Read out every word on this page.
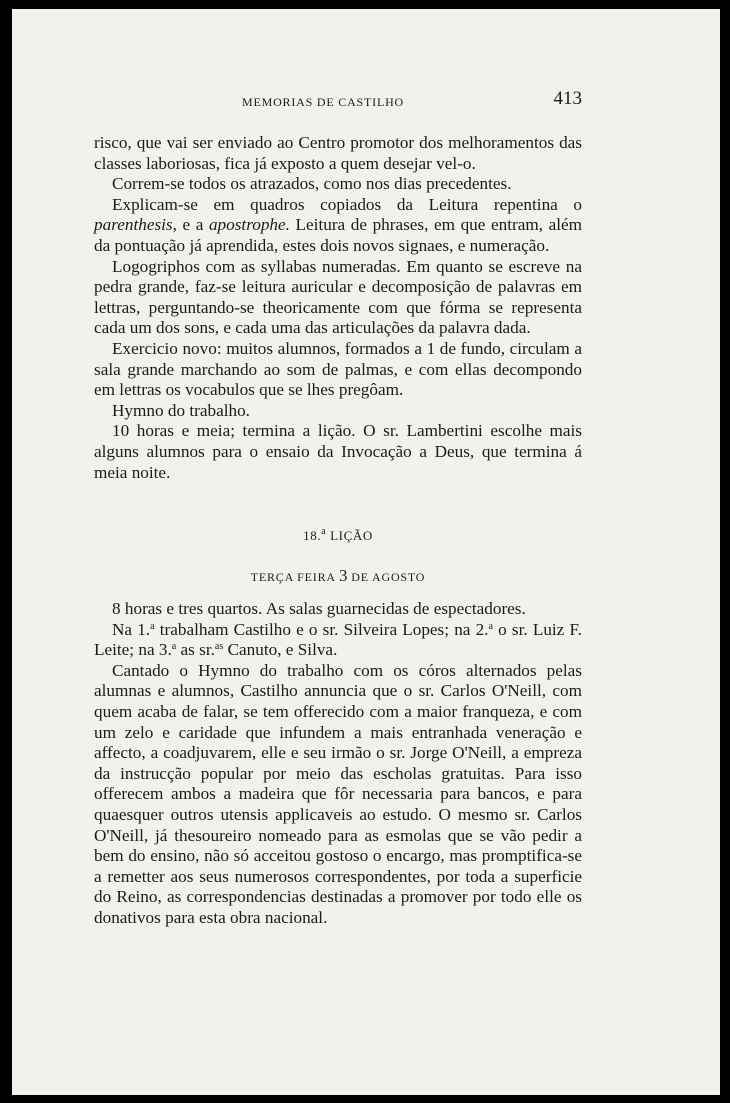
MEMORIAS DE CASTILHO	413

risco, que vai ser enviado ao Centro promotor dos melhoramentos das classes laboriosas, fica já exposto a quem desejar vel-o.

Correm-se todos os atrazados, como nos dias precedentes.

Explicam-se em quadros copiados da Leitura repentina o parenthesis, e a apostrophe. Leitura de phrases, em que entram, além da pontuação já aprendida, estes dois novos signaes, e numeração.

Logogriphos com as syllabas numeradas. Em quanto se escreve na pedra grande, faz-se leitura auricular e decomposição de palavras em lettras, perguntando-se theoricamente com que fórma se representa cada um dos sons, e cada uma das articulações da palavra dada.

Exercicio novo: muitos alumnos, formados a 1 de fundo, circulam a sala grande marchando ao som de palmas, e com ellas decompondo em lettras os vocabulos que se lhes pregôam.

Hymno do trabalho.

10 horas e meia; termina a lição. O sr. Lambertini escolhe mais alguns alumnos para o ensaio da Invocação a Deus, que termina á meia noite.

18.$^a$ LIÇÃO
TERÇA FEIRA 3 DE AGOSTO

8 horas e tres quartos. As salas guarnecidas de espectadores.

Na 1.$^a$ trabalham Castilho e o sr. Silveira Lopes; na 2.$^a$ o sr. Luiz F. Leite; na 3.$^a$ as sr.$^{as}$ Canuto, e Silva.

Cantado o Hymno do trabalho com os córos alternados pelas alumnas e alumnos, Castilho annuncia que o sr. Carlos O'Neill, com quem acaba de falar, se tem offerecido com a maior franqueza, e com um zelo e caridade que infundem a mais entranhada veneração e affecto, a coadjuvarem, elle e seu irmão o sr. Jorge O'Neill, a empreza da instrucção popular por meio das escholas gratuitas. Para isso offerecem ambos a madeira que fôr necessaria para bancos, e para quaesquer outros utensis applicaveis ao estudo. O mesmo sr. Carlos O'Neill, já thesoureiro nomeado para as esmolas que se vão pedir a bem do ensino, não só acceitou gostoso o encargo, mas promptifica-se a remetter aos seus numerosos correspondentes, por toda a superficie do Reino, as correspondencias destinadas a promover por todo elle os donativos para esta obra nacional.
